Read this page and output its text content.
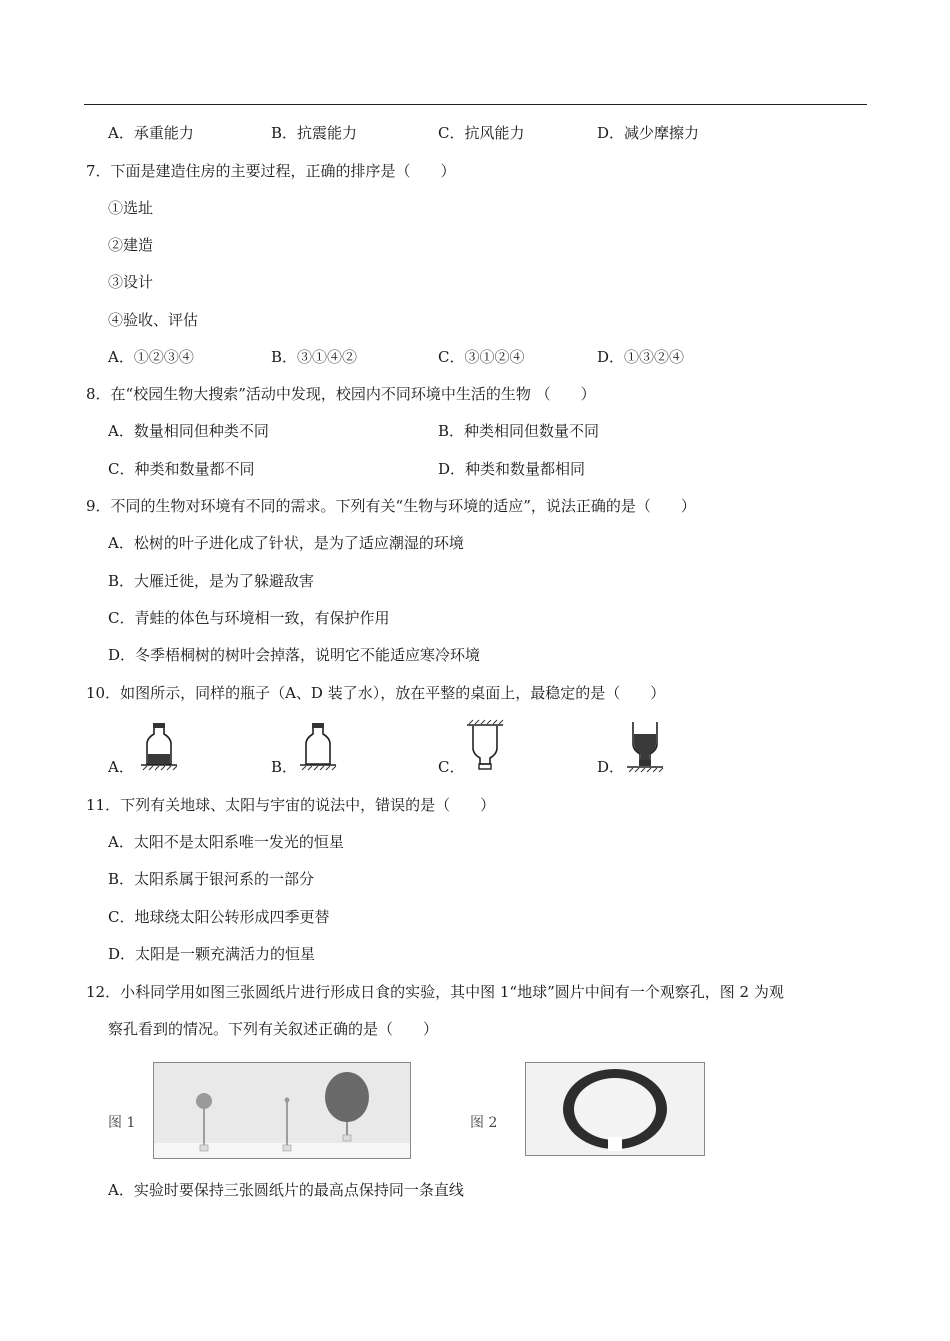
A．承重能力	B．抗震能力	C．抗风能力	D．减少摩擦力
7．下面是建造住房的主要过程，正确的排序是（　　）
①选址
②建造
③设计
④验收、评估
A．①②③④	B．③①④②	C．③①②④	D．①③②④
8．在“校园生物大搜索”活动中发现，校园内不同环境中生活的生物 （　　）
A．数量相同但种类不同	B．种类相同但数量不同
C．种类和数量都不同	D．种类和数量都相同
9．不同的生物对环境有不同的需求。下列有关“生物与环境的适应”，说法正确的是（　　）
A．松树的叶子进化成了针状，是为了适应潮湿的环境
B．大雁迁徙，是为了躲避敌害
C．青蛙的体色与环境相一致，有保护作用
D．冬季梧桐树的树叶会掉落，说明它不能适应寒冷环境
10．如图所示，同样的瓶子（A、D 装了水），放在平整的桌面上，最稳定的是（　　）
A．	B．	C．	D．
11．下列有关地球、太阳与宇宙的说法中，错误的是（　　）
A．太阳不是太阳系唯一发光的恒星
B．太阳系属于银河系的一部分
C．地球绕太阳公转形成四季更替
D．太阳是一颗充满活力的恒星
12．小科同学用如图三张圆纸片进行形成日食的实验，其中图 1“地球”圆片中间有一个观察孔，图 2 为观
察孔看到的情况。下列有关叙述正确的是（　　）
图 1	图 2
A．实验时要保持三张圆纸片的最高点保持同一条直线
